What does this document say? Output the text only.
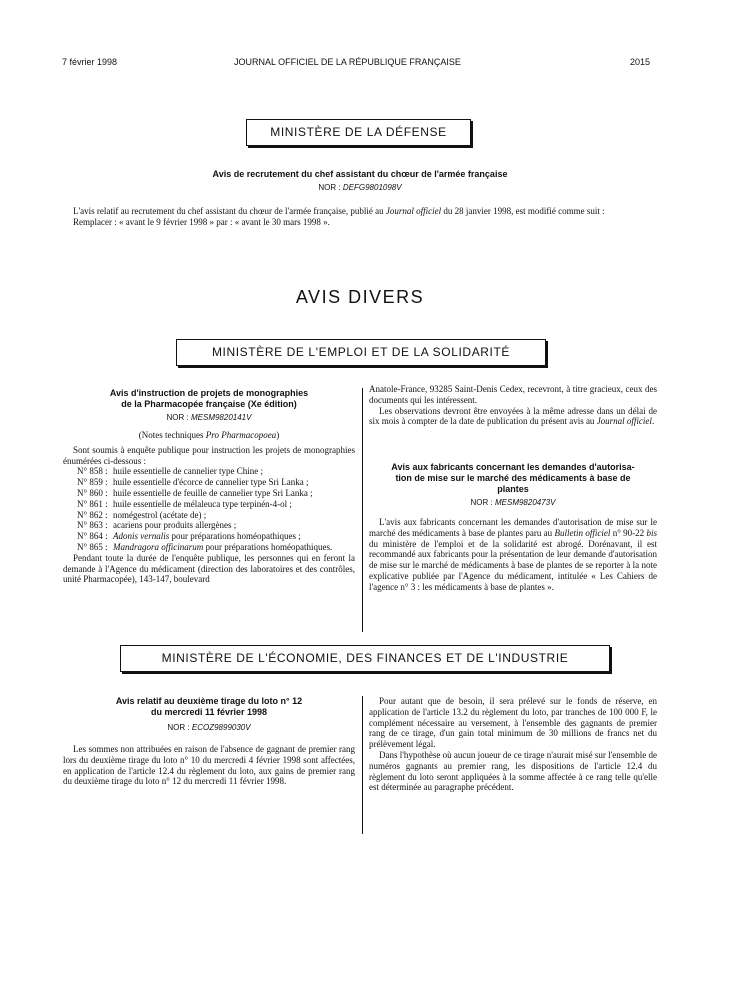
7 février 1998	JOURNAL OFFICIEL DE LA RÉPUBLIQUE FRANÇAISE	2015
MINISTÈRE DE LA DÉFENSE
Avis de recrutement du chef assistant du chœur de l'armée française
NOR : DEFG9801098V

L'avis relatif au recrutement du chef assistant du chœur de l'armée française, publié au Journal officiel du 28 janvier 1998, est modifié comme suit :

Remplacer : « avant le 9 février 1998 » par : « avant le 30 mars 1998 ».

AVIS DIVERS
MINISTÈRE DE L'EMPLOI ET DE LA SOLIDARITÉ
Avis d'instruction de projets de monographies
de la Pharmacopée française (Xe édition)
NOR : MESM9820141V
(Notes techniques Pro Pharmacopoea)

Sont soumis à enquête publique pour instruction les projets de monographies énumérées ci-dessous :

N° 858 : huile essentielle de cannelier type Chine ;
N° 859 : huile essentielle d'écorce de cannelier type Sri Lanka ;
N° 860 : huile essentielle de feuille de cannelier type Sri Lanka ;
N° 861 : huile essentielle de mélaleuca type terpinén-4-ol ;
N° 862 : nomégestrol (acétate de) ;
N° 863 : acariens pour produits allergènes ;
N° 864 : Adonis vernalis pour préparations homéopathiques ;
N° 865 : Mandragora officinarum pour préparations homéopathiques.

Pendant toute la durée de l'enquête publique, les personnes qui en feront la demande à l'Agence du médicament (direction des laboratoires et des contrôles, unité Pharmacopée), 143-147, boulevard

Anatole-France, 93285 Saint-Denis Cedex, recevront, à titre gracieux, ceux des documents qui les intéressent.

Les observations devront être envoyées à la même adresse dans un délai de six mois à compter de la date de publication du présent avis au Journal officiel.

Avis aux fabricants concernant les demandes d'autorisa-
tion de mise sur le marché des médicaments à base de
plantes
NOR : MESM9820473V

L'avis aux fabricants concernant les demandes d'autorisation de mise sur le marché des médicaments à base de plantes paru au Bulletin officiel n° 90-22 bis du ministère de l'emploi et de la solidarité est abrogé. Dorénavant, il est recommandé aux fabricants pour la présentation de leur demande d'autorisation de mise sur le marché de médicaments à base de plantes de se reporter à la note explicative publiée par l'Agence du médicament, intitulée « Les Cahiers de l'agence n° 3 : les médicaments à base de plantes ».

MINISTÈRE DE L'ÉCONOMIE, DES FINANCES ET DE L'INDUSTRIE
Avis relatif au deuxième tirage du loto n° 12
du mercredi 11 février 1998
NOR : ECOZ9899030V

Les sommes non attribuées en raison de l'absence de gagnant de premier rang lors du deuxième tirage du loto n° 10 du mercredi 4 février 1998 sont affectées, en application de l'article 12.4 du règlement du loto, aux gains de premier rang du deuxième tirage du loto n° 12 du mercredi 11 février 1998.

Pour autant que de besoin, il sera prélevé sur le fonds de réserve, en application de l'article 13.2 du règlement du loto, par tranches de 100 000 F, le complément nécessaire au versement, à l'ensemble des gagnants de premier rang de ce tirage, d'un gain total minimum de 30 millions de francs net du prélèvement légal.

Dans l'hypothèse où aucun joueur de ce tirage n'aurait misé sur l'ensemble de numéros gagnants au premier rang, les dispositions de l'article 12.4 du règlement du loto seront appliquées à la somme affectée à ce rang telle qu'elle est déterminée au paragraphe précédent.
